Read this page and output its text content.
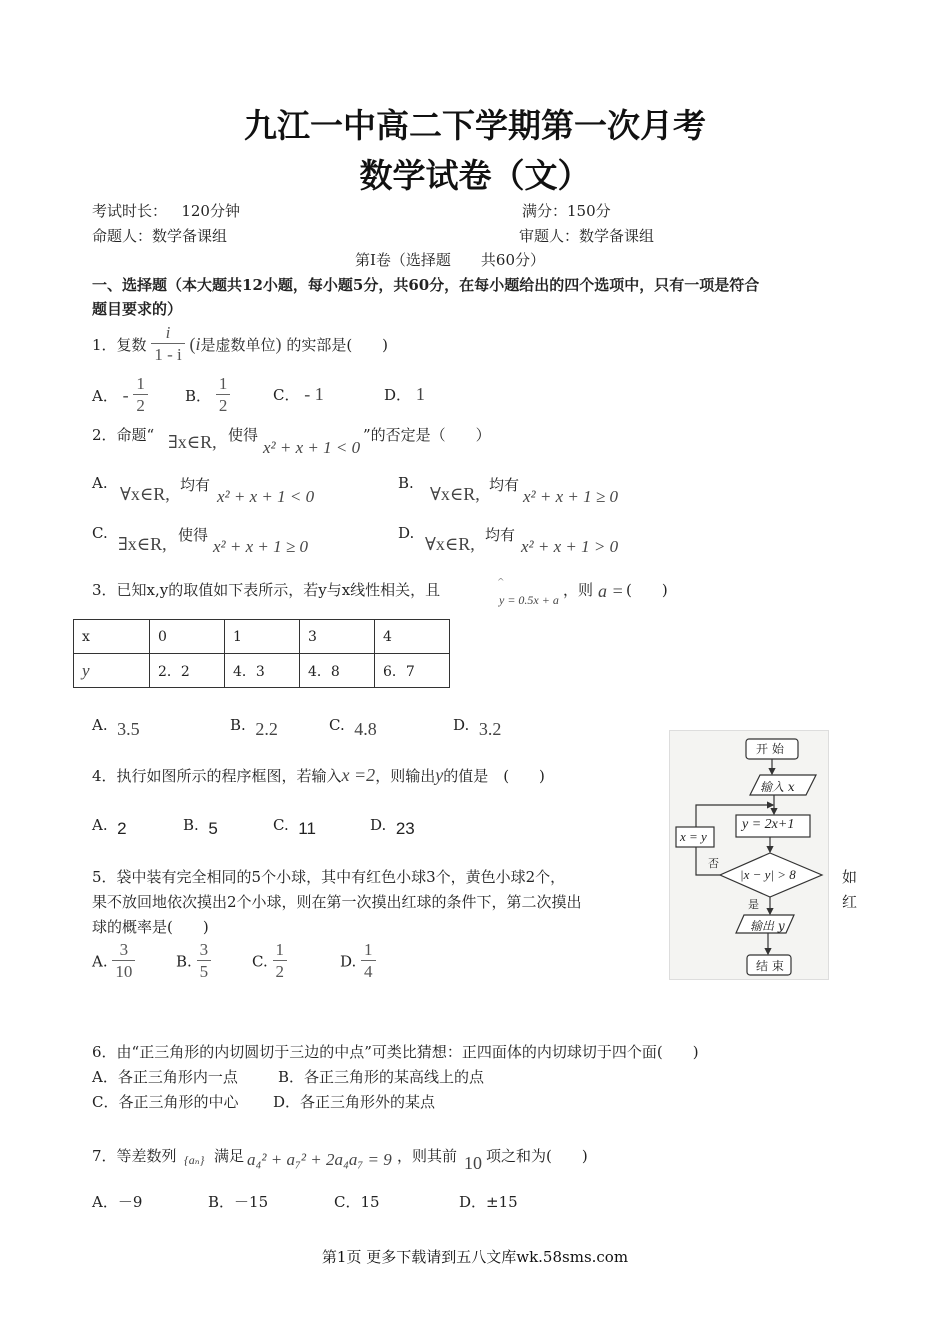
九江一中高二下学期第一次月考
数学试卷（文）
考试时长： 120分钟	满分：150分
命题人：数学备课组	审题人：数学备课组
第Ⅰ卷（选择题　　共60分）
一、选择题（本大题共12小题，每小题5分，共60分，在每小题给出的四个选项中，只有一项是符合
题目要求的）
1．复数 $\frac{i}{1 - i} (i$是虚数单位) 的实部是(　　)
A． - $\frac{1}{2}$ B． $\frac{1}{2}$	C． - 1	D． 1
2．命题“ ∃x∈R, 使得
x² + x + 1 < 0
”的否定是（　　）
A.
∀x∈R, 均有
x² + x + 1 < 0
B.
∀x∈R, 均有
x² + x + 1 ≥ 0
C.
∃x∈R, 使得
x² + x + 1 ≥ 0
D.
∀x∈R, 均有
x² + x + 1 > 0
3．已知x,y的取值如下表所示，若y与x线性相关，且	^
y = 0.5x + a
，则 a = (　　)
x	0	1	3	4
y	2．2	4．3	4．8	6．7
A. 3.5	B. 2.2	C. 4.8	D. 3.2
4．执行如图所示的程序框图，若输入x =2，则输出y的值是　(　　)
A. 2	B. 5	C. 11	D. 23
开 始
输入 x
y = 2x+1
x = y
否
|x − y| > 8
是
输出 y
结 束
5．袋中装有完全相同的5个小球，其中有红色小球3个，黄色小球2个，	如
果不放回地依次摸出2个小球，则在第一次摸出红球的条件下，第二次摸出	红
球的概率是(　　)
A. $\frac{3}{10}$	B. $\frac{3}{5}$	C. $\frac{1}{2}$	D. $\frac{1}{4}$
6．由“正三角形的内切圆切于三边的中点”可类比猜想：正四面体的内切球切于四个面(　　)
A．各正三角形内一点	B．各正三角形的某高线上的点
C．各正三角形的中心 D．各正三角形外的某点
7．等差数列 {aₙ} 满足 a₄² + a₇² + 2a₄a₇ = 9 ，则其前 10 项之和为(　　)
A．－9	B．－15	C．15	D．±15
第1页 更多下载请到五八文库wk.58sms.com
